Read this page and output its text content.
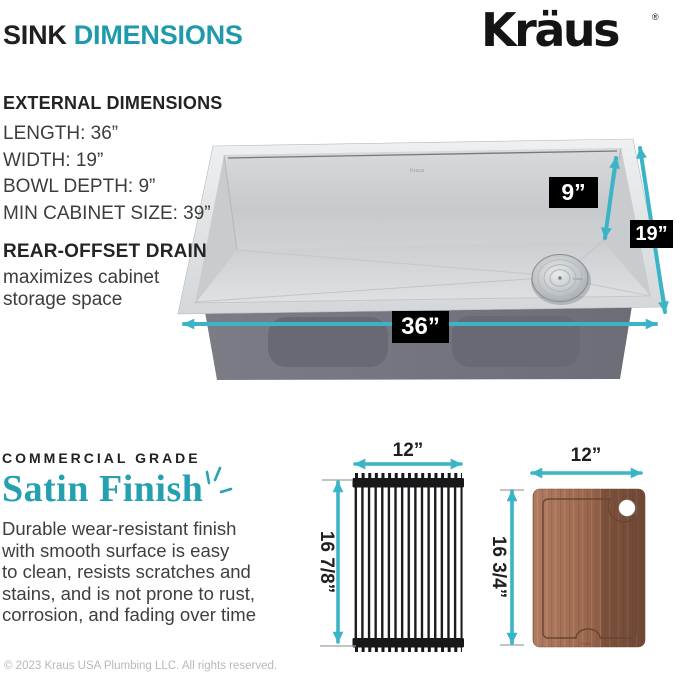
Kraus
Kraus
Kraus
SINK DIMENSIONS	Kräus	®
EXTERNAL DIMENSIONS
LENGTH: 36”
WIDTH: 19”
BOWL DEPTH: 9”
MIN CABINET SIZE: 39”
REAR-OFFSET DRAIN
maximizes cabinet
storage space
9”
19”
36”
COMMERCIAL GRADE
Satin Finish
Durable wear-resistant finish
with smooth surface is easy
to clean, resists scratches and
stains, and is not prone to rust,
corrosion, and fading over time
12”	12”
16 7/8”	16 3/4”
© 2023 Kraus USA Plumbing LLC. All rights reserved.
